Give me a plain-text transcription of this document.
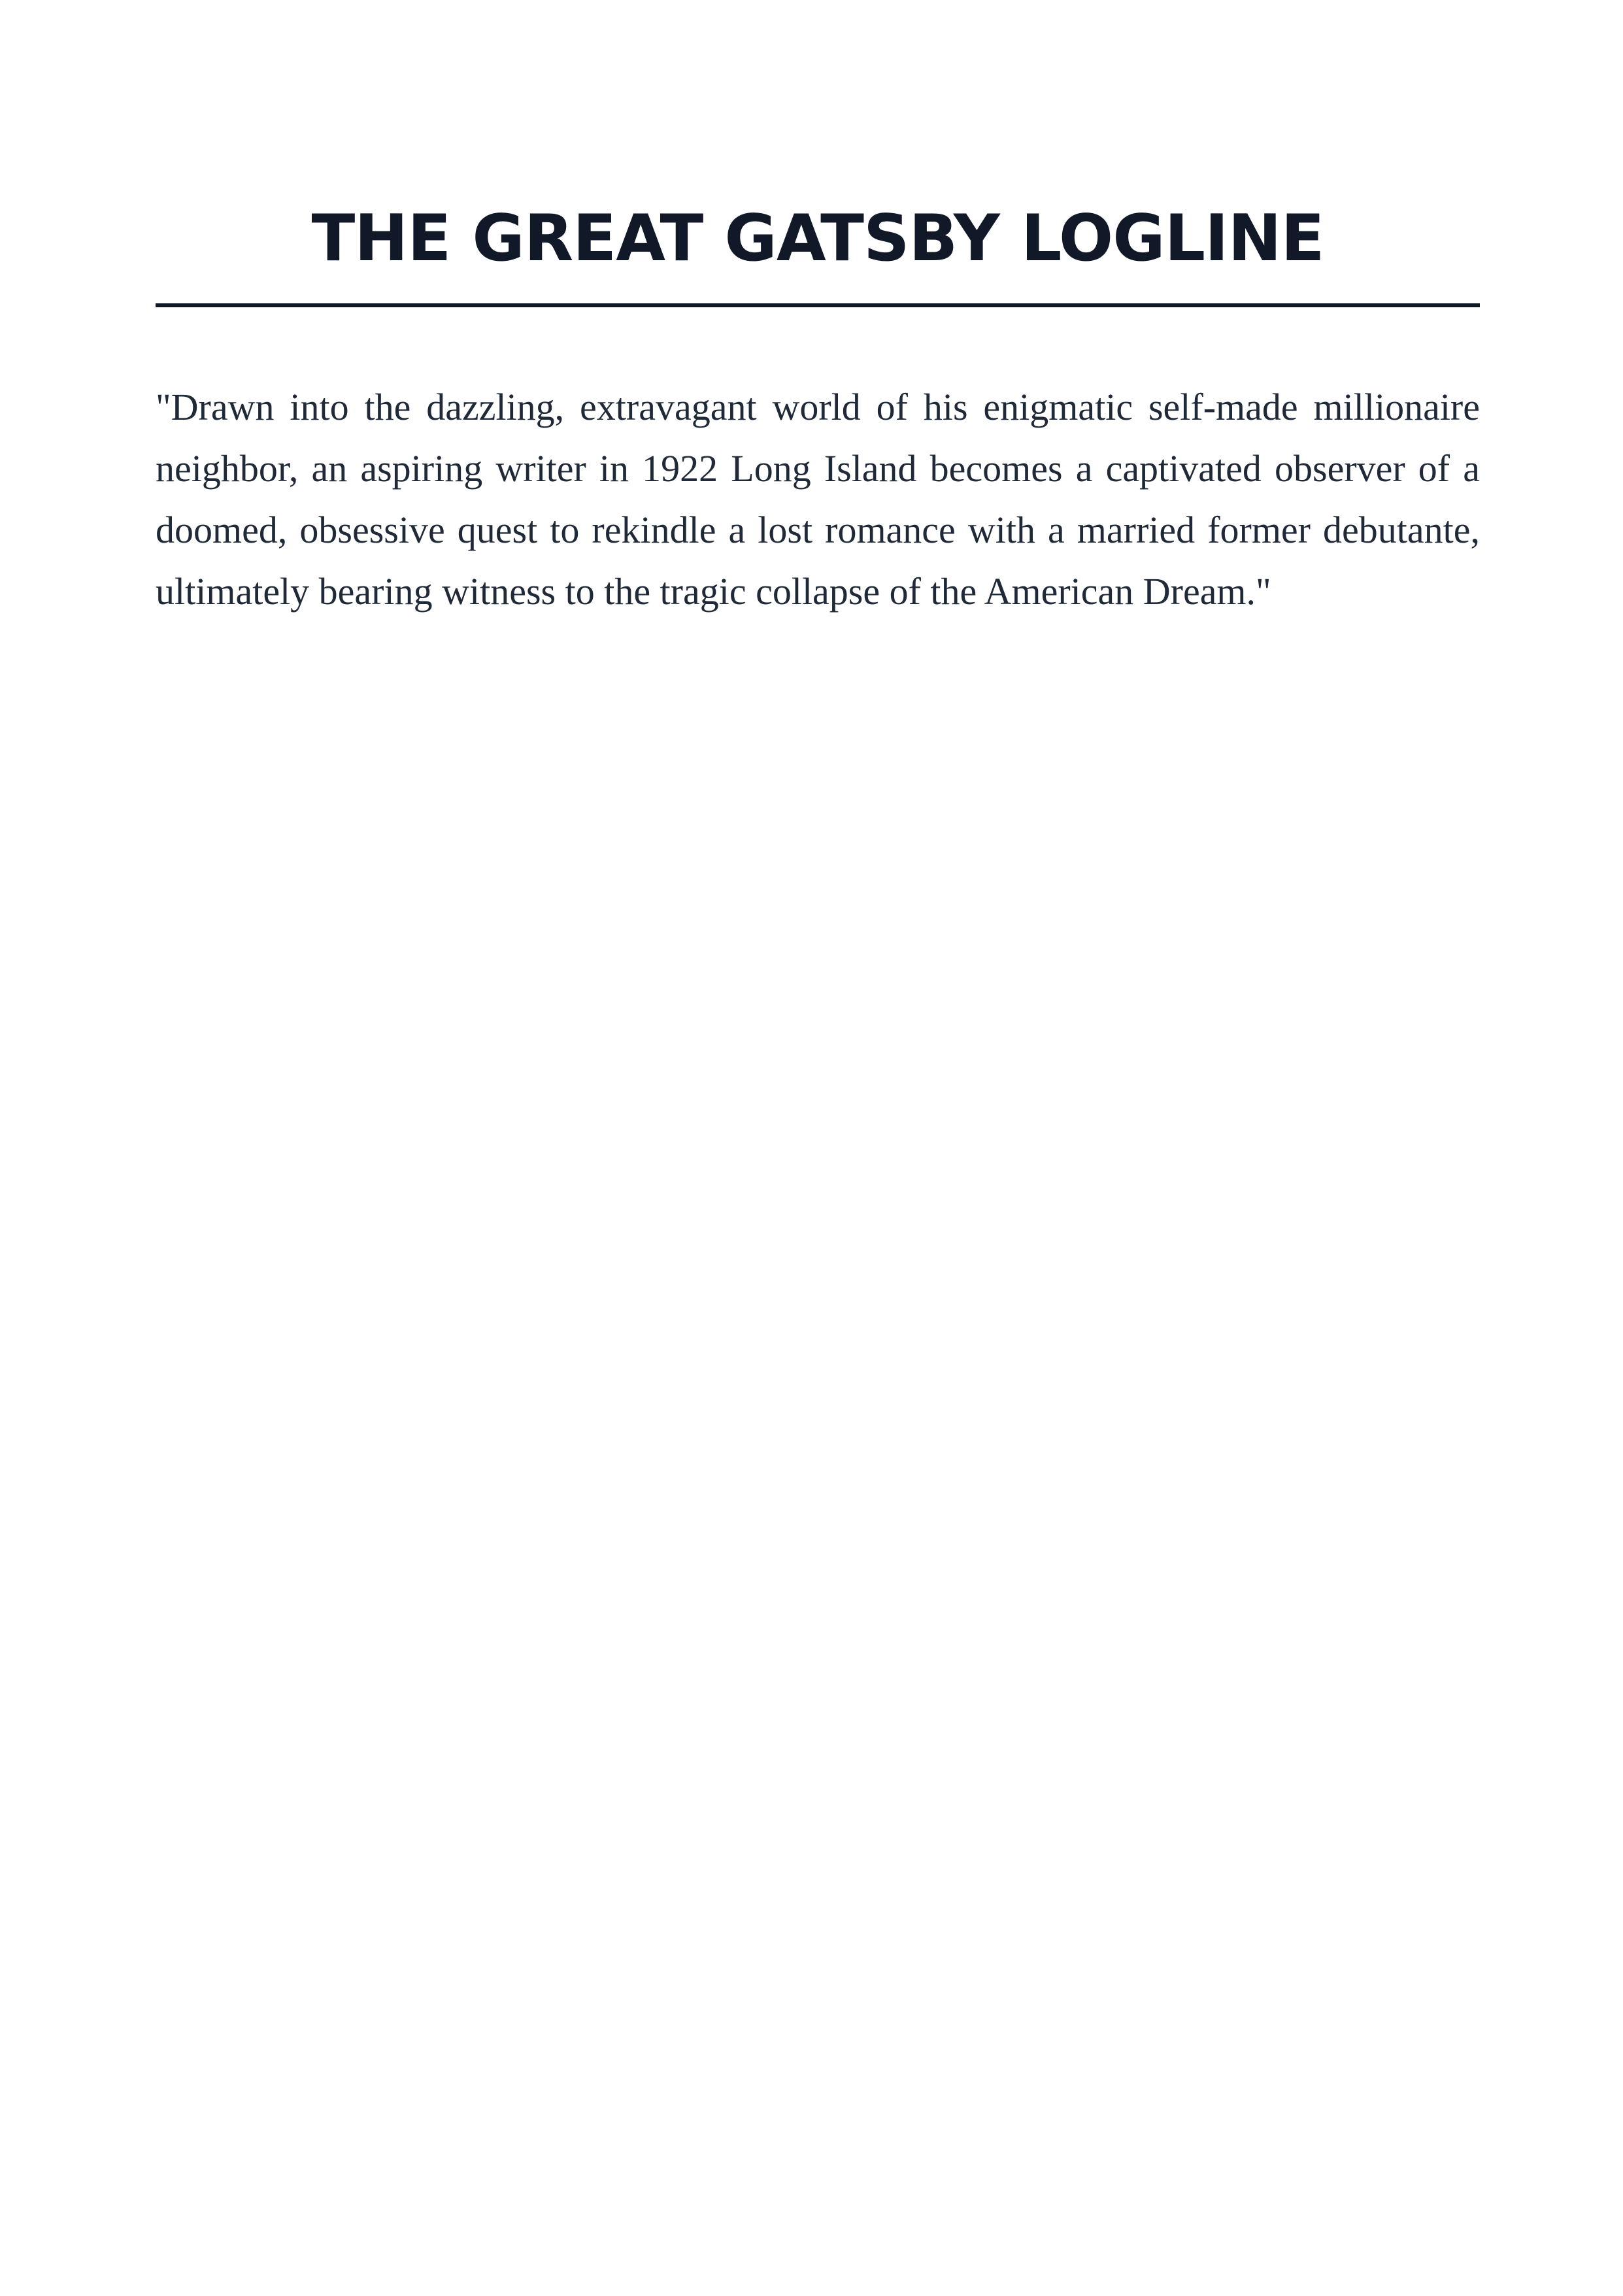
THE GREAT GATSBY LOGLINE

"Drawn into the dazzling, extravagant world of his enigmatic self-made millionaire neighbor, an aspiring writer in 1922 Long Island becomes a captivated observer of a doomed, obsessive quest to rekindle a lost romance with a married former debutante, ultimately bearing witness to the tragic collapse of the American Dream."
